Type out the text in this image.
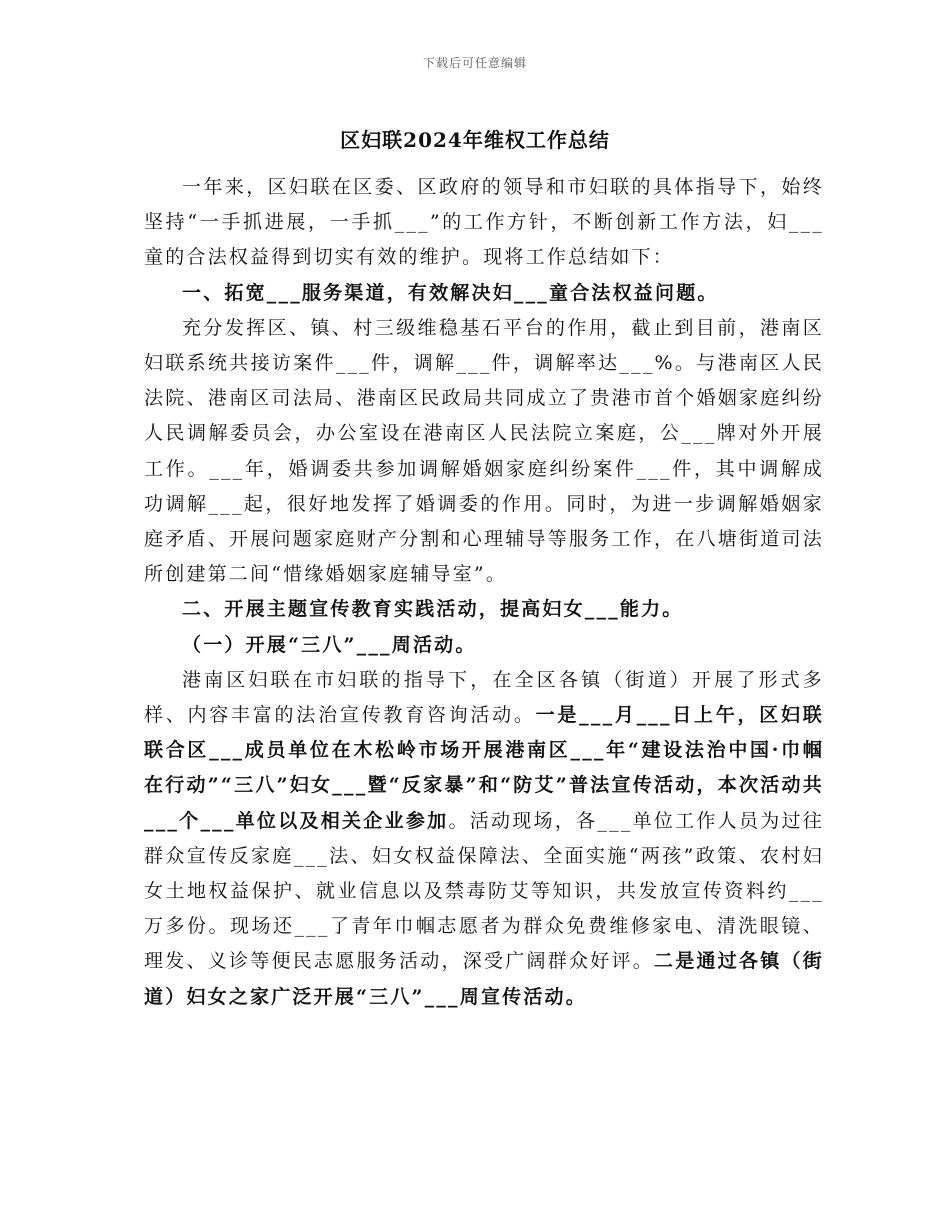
下载后可任意编辑
区妇联2024年维权工作总结

一年来，区妇联在区委、区政府的领导和市妇联的具体指导下，始终坚持“一手抓进展，一手抓___”的工作方针，不断创新工作方法，妇___童的合法权益得到切实有效的维护。现将工作总结如下：

一、拓宽___服务渠道，有效解决妇___童合法权益问题。

充分发挥区、镇、村三级维稳基石平台的作用，截止到目前，港南区妇联系统共接访案件___件，调解___件，调解率达___%。与港南区人民法院、港南区司法局、港南区民政局共同成立了贵港市首个婚姻家庭纠纷人民调解委员会，办公室设在港南区人民法院立案庭，公___牌对外开展工作。___年，婚调委共参加调解婚姻家庭纠纷案件___件，其中调解成功调解___起，很好地发挥了婚调委的作用。同时，为进一步调解婚姻家庭矛盾、开展问题家庭财产分割和心理辅导等服务工作，在八塘街道司法所创建第二间“惜缘婚姻家庭辅导室”。

二、开展主题宣传教育实践活动，提高妇女___能力。

（一）开展“三八”___周活动。

港南区妇联在市妇联的指导下，在全区各镇（街道）开展了形式多样、内容丰富的法治宣传教育咨询活动。一是___月___日上午，区妇联联合区___成员单位在木松岭市场开展港南区___年“建设法治中国·巾帼在行动”“三八”妇女___暨“反家暴”和“防艾”普法宣传活动，本次活动共___个___单位以及相关企业参加。活动现场，各___单位工作人员为过往群众宣传反家庭___法、妇女权益保障法、全面实施“两孩”政策、农村妇女土地权益保护、就业信息以及禁毒防艾等知识，共发放宣传资料约___万多份。现场还___了青年巾帼志愿者为群众免费维修家电、清洗眼镜、理发、义诊等便民志愿服务活动，深受广阔群众好评。二是通过各镇（街道）妇女之家广泛开展“三八”___周宣传活动。
